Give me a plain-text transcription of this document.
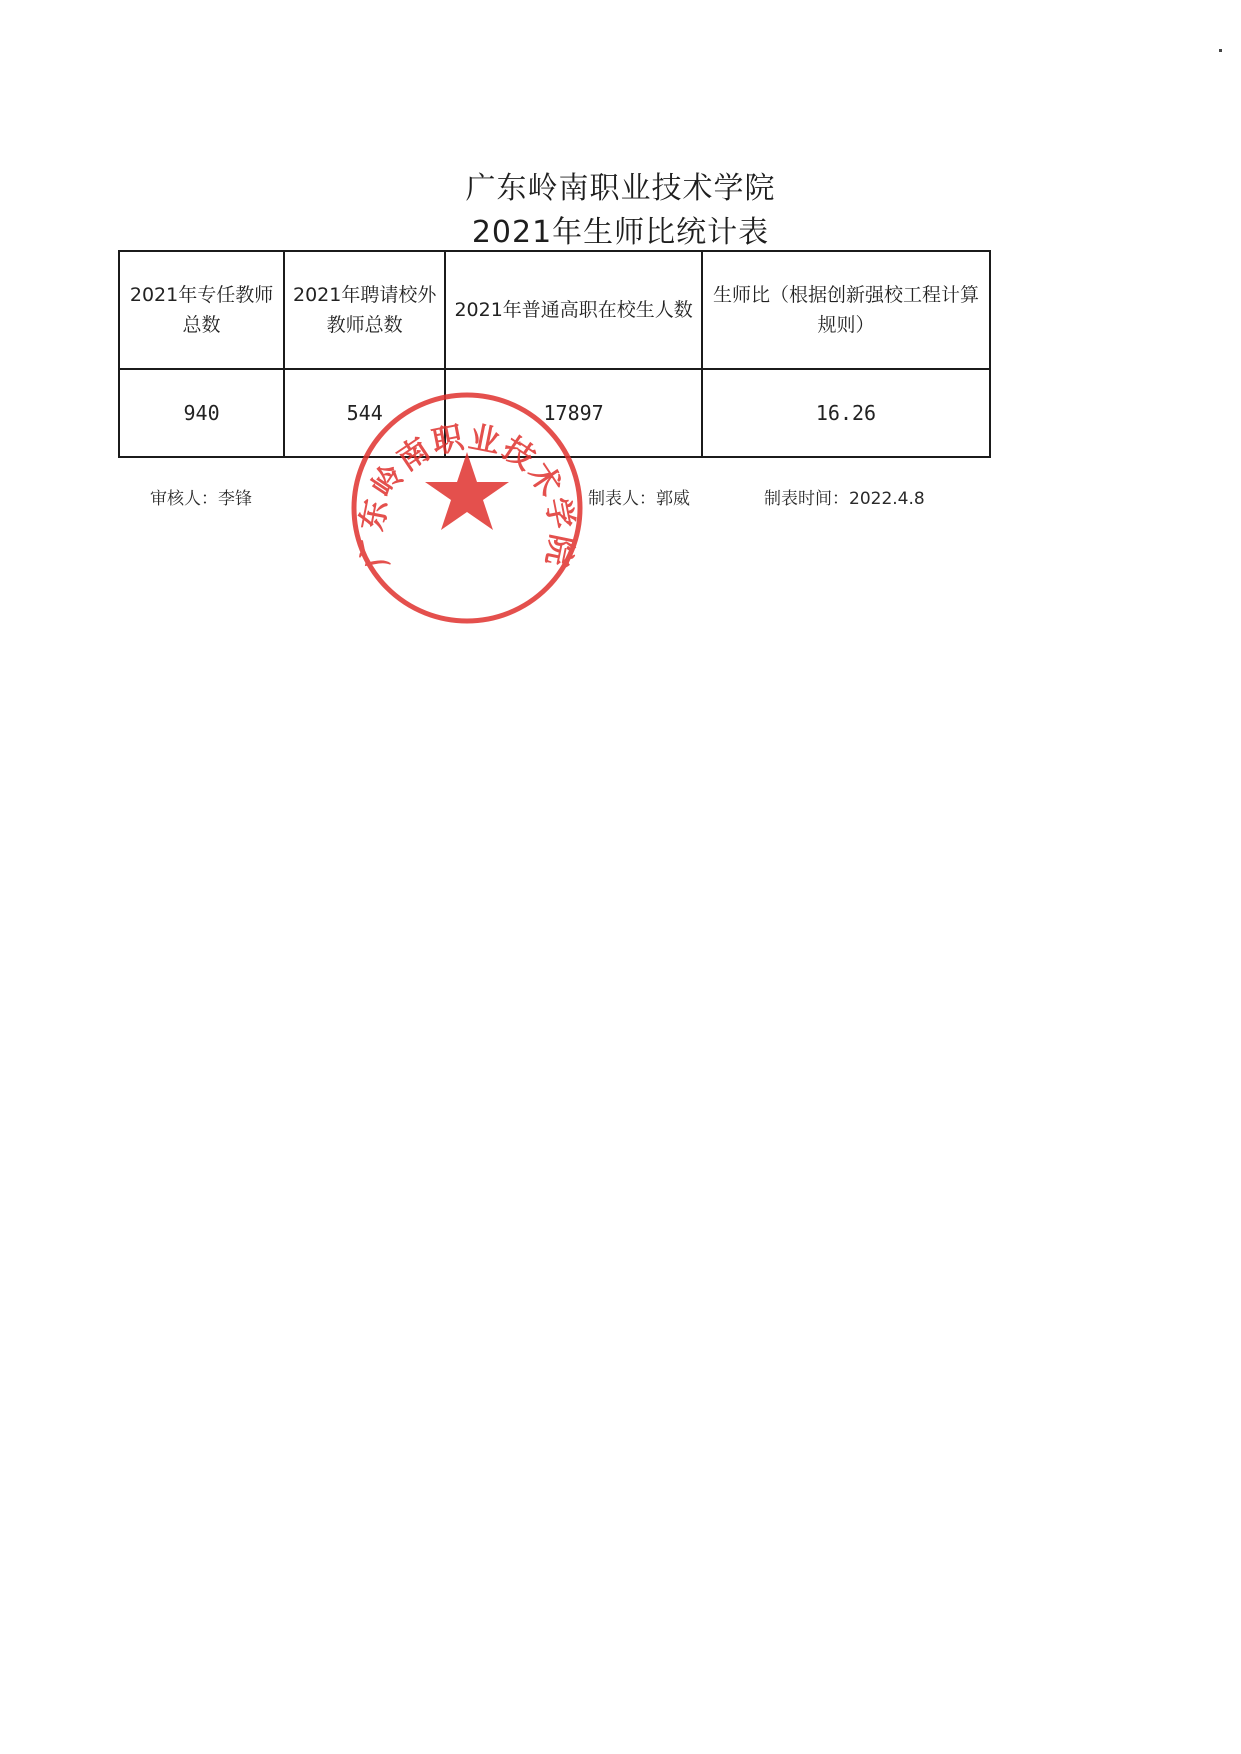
广东岭南职业技术学院
2021年生师比统计表
2021年专任教师总数	2021年聘请校外教师总数	2021年普通高职在校生人数	生师比（根据创新强校工程计算规则）
940	544	17897	16.26
审核人：李锋	制表人：郭威	制表时间：2022.4.8
广东岭南职业技术学院
